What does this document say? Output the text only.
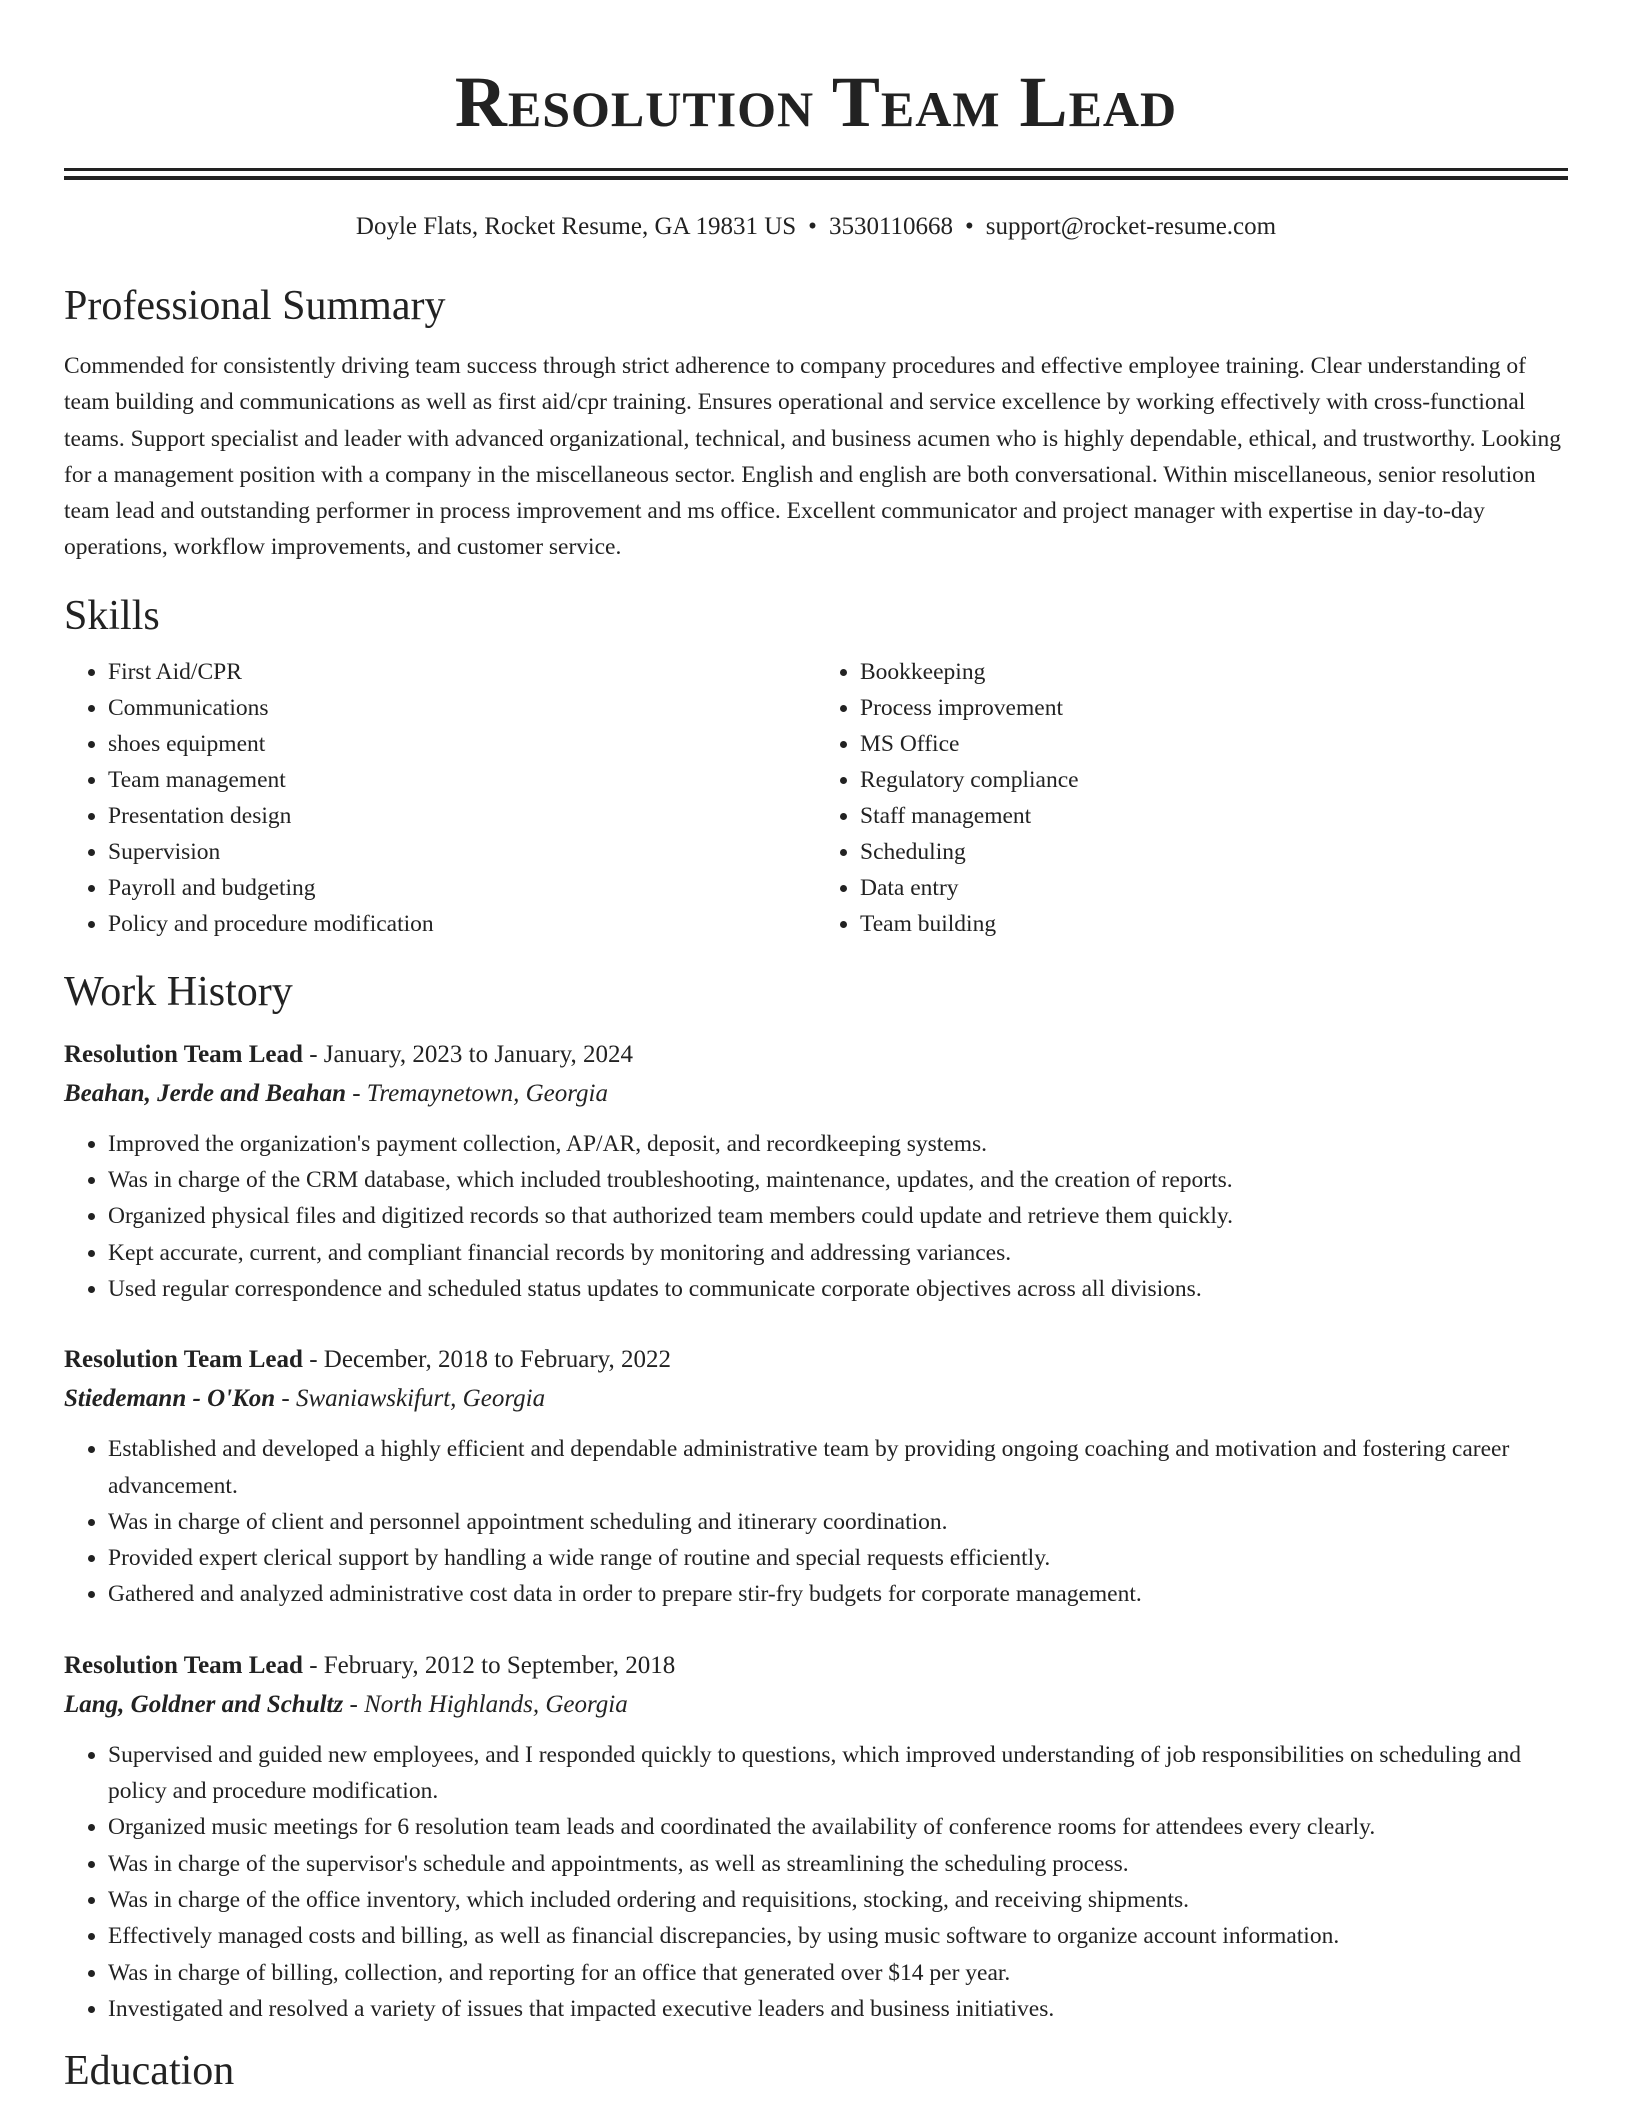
Resolution Team Lead
Doyle Flats, Rocket Resume, GA 19831 US • 3530110668 • support@rocket-resume.com
Professional Summary

Commended for consistently driving team success through strict adherence to company procedures and effective employee training. Clear understanding of team building and communications as well as first aid/cpr training. Ensures operational and service excellence by working effectively with cross-functional teams. Support specialist and leader with advanced organizational, technical, and business acumen who is highly dependable, ethical, and trustworthy. Looking for a management position with a company in the miscellaneous sector. English and english are both conversational. Within miscellaneous, senior resolution team lead and outstanding performer in process improvement and ms office. Excellent communicator and project manager with expertise in day-to-day operations, workflow improvements, and customer service.

Skills
• First Aid/CPR
• Communications
• shoes equipment
• Team management
• Presentation design
• Supervision
• Payroll and budgeting
• Policy and procedure modification
• Bookkeeping
• Process improvement
• MS Office
• Regulatory compliance
• Staff management
• Scheduling
• Data entry
• Team building
Work History
Resolution Team Lead - January, 2023 to January, 2024
Beahan, Jerde and Beahan - Tremaynetown, Georgia
• Improved the organization's payment collection, AP/AR, deposit, and recordkeeping systems.
• Was in charge of the CRM database, which included troubleshooting, maintenance, updates, and the creation of reports.
• Organized physical files and digitized records so that authorized team members could update and retrieve them quickly.
• Kept accurate, current, and compliant financial records by monitoring and addressing variances.
• Used regular correspondence and scheduled status updates to communicate corporate objectives across all divisions.
Resolution Team Lead - December, 2018 to February, 2022
Stiedemann - O'Kon - Swaniawskifurt, Georgia
• Established and developed a highly efficient and dependable administrative team by providing ongoing coaching and motivation and fostering career advancement.
• Was in charge of client and personnel appointment scheduling and itinerary coordination.
• Provided expert clerical support by handling a wide range of routine and special requests efficiently.
• Gathered and analyzed administrative cost data in order to prepare stir-fry budgets for corporate management.
Resolution Team Lead - February, 2012 to September, 2018
Lang, Goldner and Schultz - North Highlands, Georgia
• Supervised and guided new employees, and I responded quickly to questions, which improved understanding of job responsibilities on scheduling and policy and procedure modification.
• Organized music meetings for 6 resolution team leads and coordinated the availability of conference rooms for attendees every clearly.
• Was in charge of the supervisor's schedule and appointments, as well as streamlining the scheduling process.
• Was in charge of the office inventory, which included ordering and requisitions, stocking, and receiving shipments.
• Effectively managed costs and billing, as well as financial discrepancies, by using music software to organize account information.
• Was in charge of billing, collection, and reporting for an office that generated over $14 per year.
• Investigated and resolved a variety of issues that impacted executive leaders and business initiatives.
Education
